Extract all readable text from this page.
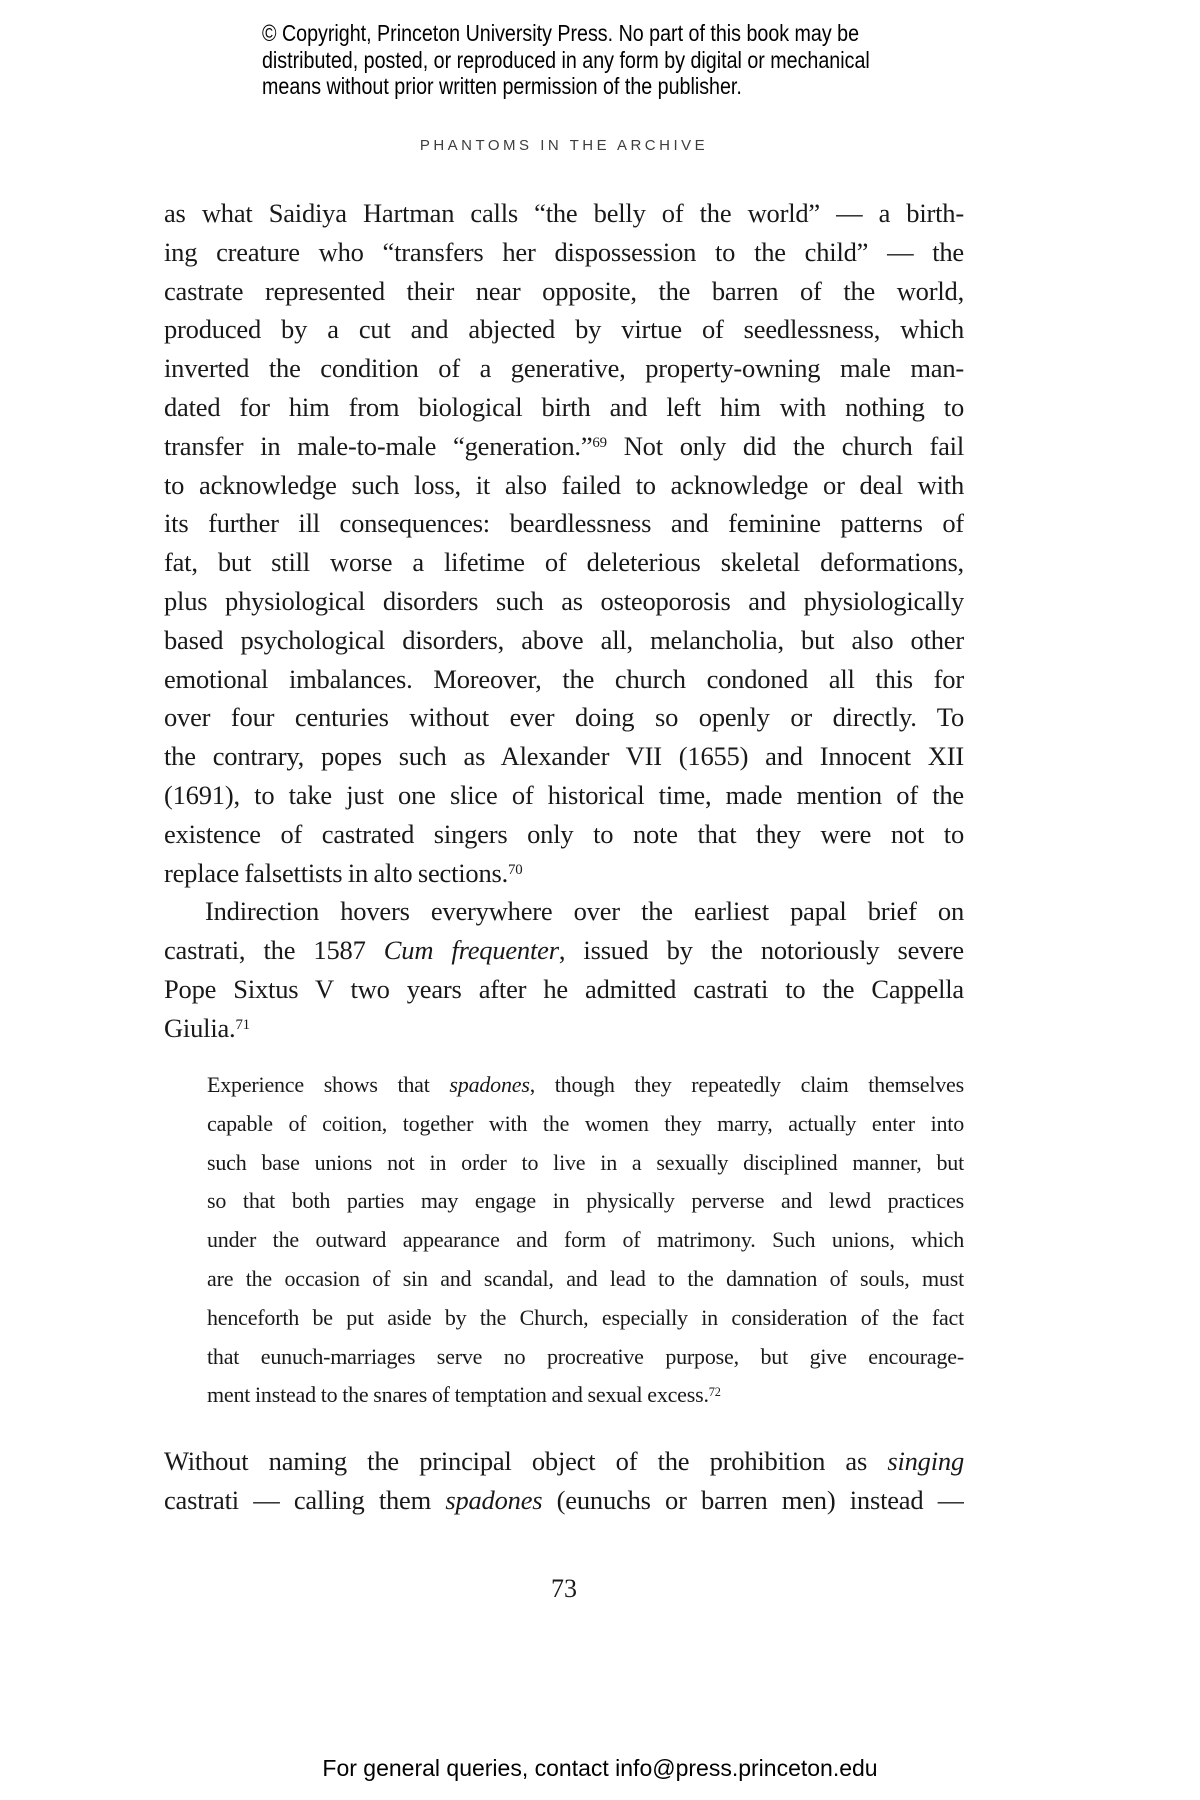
© Copyright, Princeton University Press. No part of this book may be
distributed, posted, or reproduced in any form by digital or mechanical
means without prior written permission of the publisher.
PHANTOMS IN THE ARCHIVE
as what Saidiya Hartman calls “the belly of the world” — a birth-
ing creature who “transfers her dispossession to the child” — the
castrate represented their near opposite, the barren of the world,
produced by a cut and abjected by virtue of seedlessness, which
inverted the condition of a generative, property-owning male man-
dated for him from biological birth and left him with nothing to
transfer in male-to-male “generation.”$^{69}$ Not only did the church fail
to acknowledge such loss, it also failed to acknowledge or deal with
its further ill consequences: beardlessness and feminine patterns of
fat, but still worse a lifetime of deleterious skeletal deformations,
plus physiological disorders such as osteoporosis and physiologically
based psychological disorders, above all, melancholia, but also other
emotional imbalances. Moreover, the church condoned all this for
over four centuries without ever doing so openly or directly. To
the contrary, popes such as Alexander VII (1655) and Innocent XII
(1691), to take just one slice of historical time, made mention of the
existence of castrated singers only to note that they were not to
replace falsettists in alto sections.$^{70}$
Indirection hovers everywhere over the earliest papal brief on
castrati, the 1587 Cum frequenter, issued by the notoriously severe
Pope Sixtus V two years after he admitted castrati to the Cappella
Giulia.$^{71}$
Experience shows that spadones, though they repeatedly claim themselves
capable of coition, together with the women they marry, actually enter into
such base unions not in order to live in a sexually disciplined manner, but
so that both parties may engage in physically perverse and lewd practices
under the outward appearance and form of matrimony. Such unions, which
are the occasion of sin and scandal, and lead to the damnation of souls, must
henceforth be put aside by the Church, especially in consideration of the fact
that eunuch-marriages serve no procreative purpose, but give encourage-
ment instead to the snares of temptation and sexual excess.$^{72}$
Without naming the principal object of the prohibition as singing
castrati — calling them spadones (eunuchs or barren men) instead —
73
For general queries, contact info@press.princeton.edu
